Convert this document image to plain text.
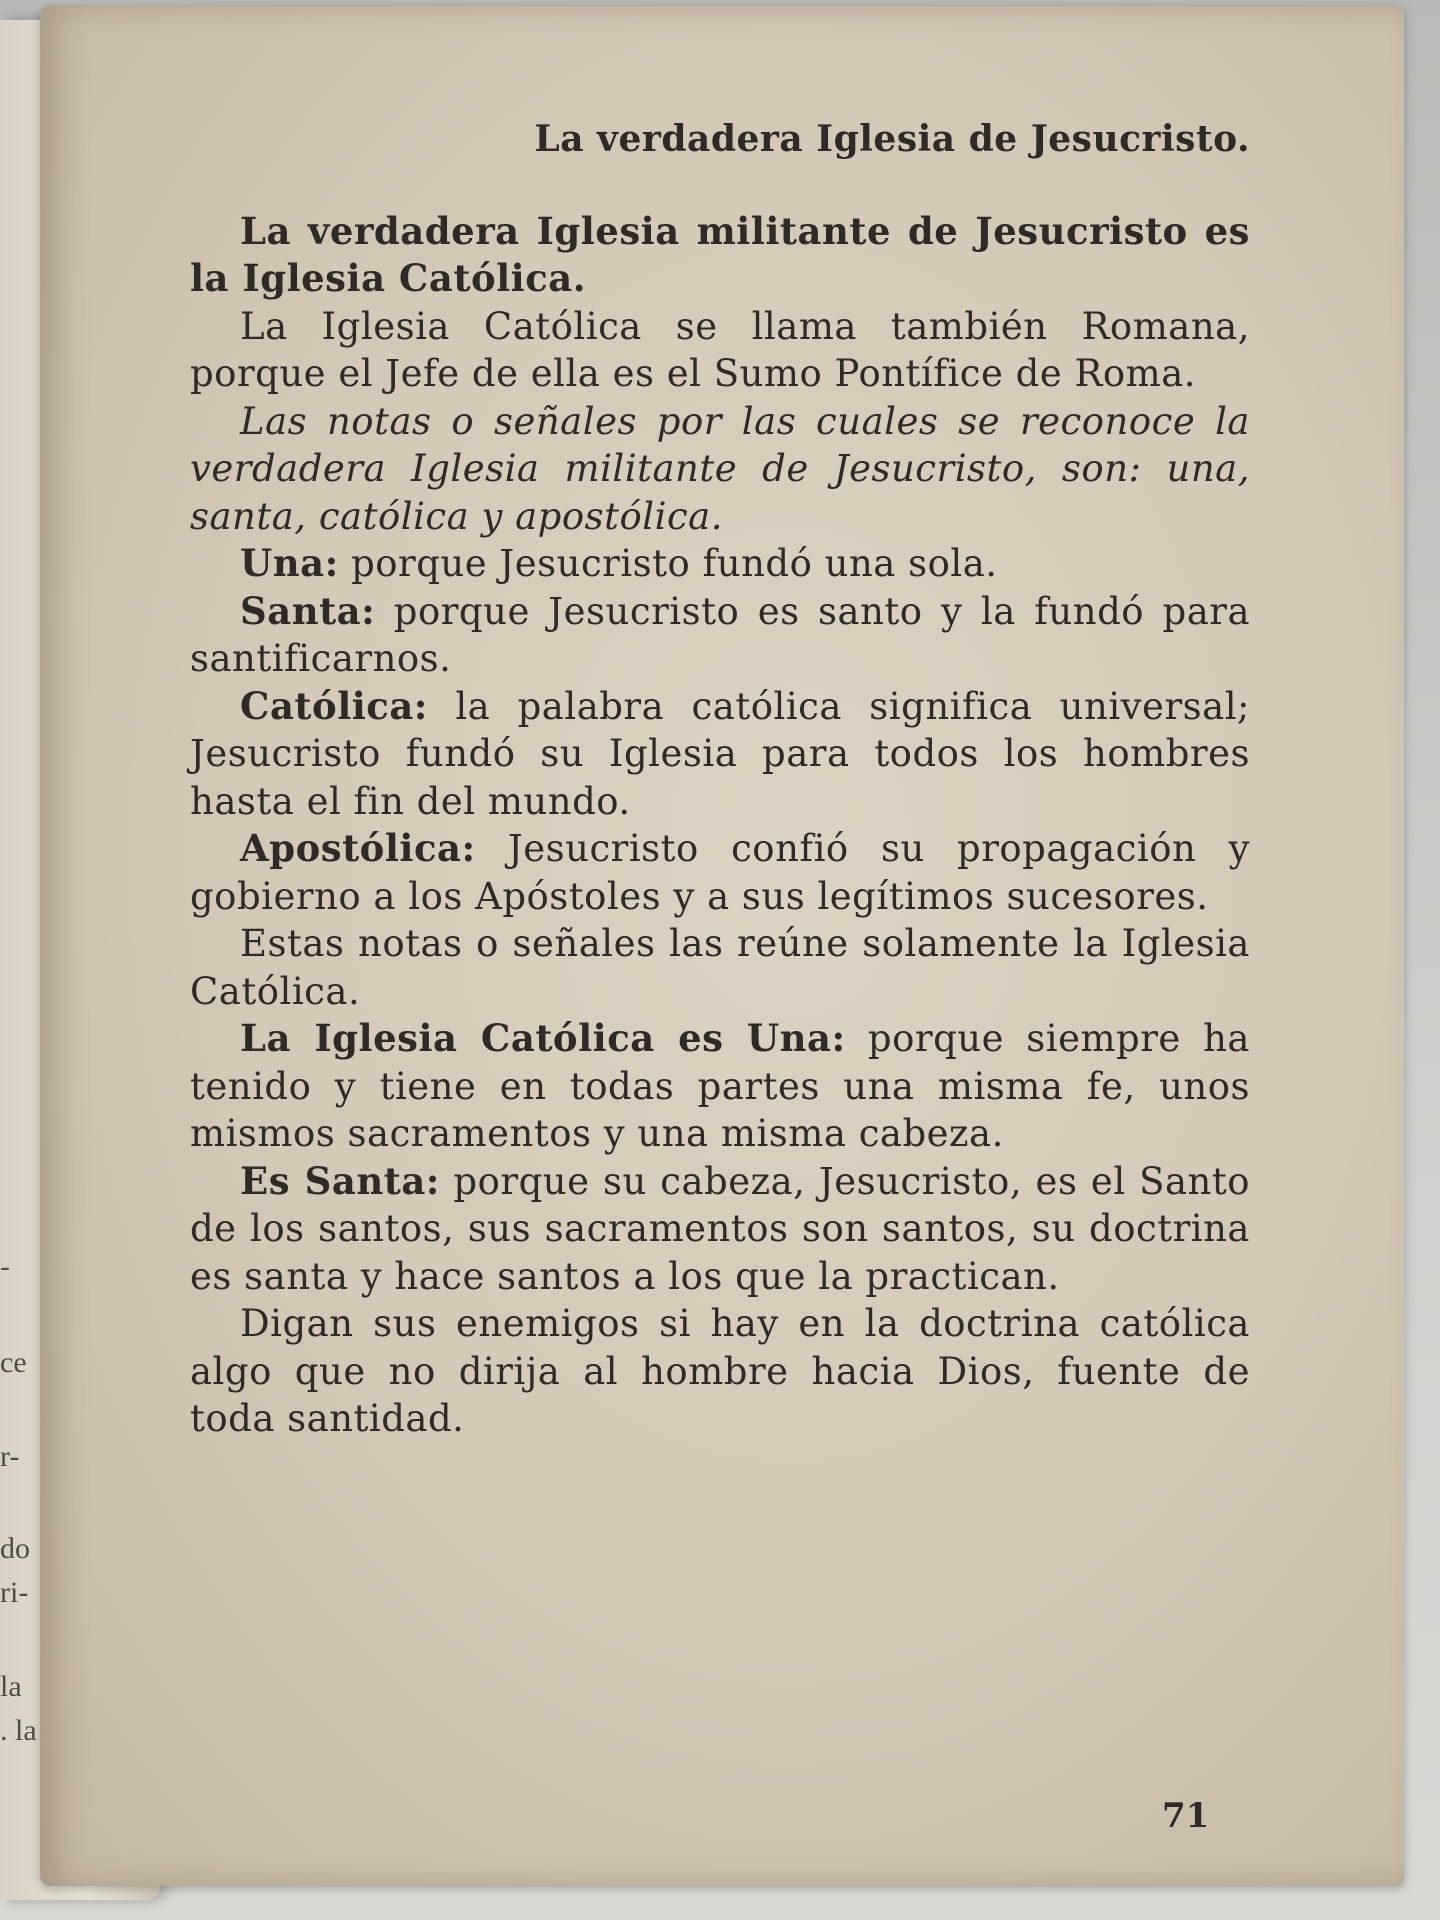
-
ce
r-
do
ri-
la
. la
La verdadera Iglesia de Jesucristo.

La verdadera Iglesia militante de Jesucristo es la Iglesia Católica.

La Iglesia Católica se llama también Romana, porque el Jefe de ella es el Sumo Pontífice de Roma.

Las notas o señales por las cuales se reconoce la verdadera Iglesia militante de Jesucristo, son: una, santa, católica y apostólica.

Una: porque Jesucristo fundó una sola.

Santa: porque Jesucristo es santo y la fundó para santificarnos.

Católica: la palabra católica significa universal; Jesucristo fundó su Iglesia para todos los hombres hasta el fin del mundo.

Apostólica: Jesucristo confió su propagación y gobierno a los Apóstoles y a sus legítimos sucesores.

Estas notas o señales las reúne solamente la Iglesia Católica.

La Iglesia Católica es Una: porque siempre ha tenido y tiene en todas partes una misma fe, unos mismos sacramentos y una misma cabeza.

Es Santa: porque su cabeza, Jesucristo, es el Santo de los santos, sus sacramentos son santos, su doctrina es santa y hace santos a los que la practican.

Digan sus enemigos si hay en la doctrina católica algo que no dirija al hombre hacia Dios, fuente de toda santidad.

71
